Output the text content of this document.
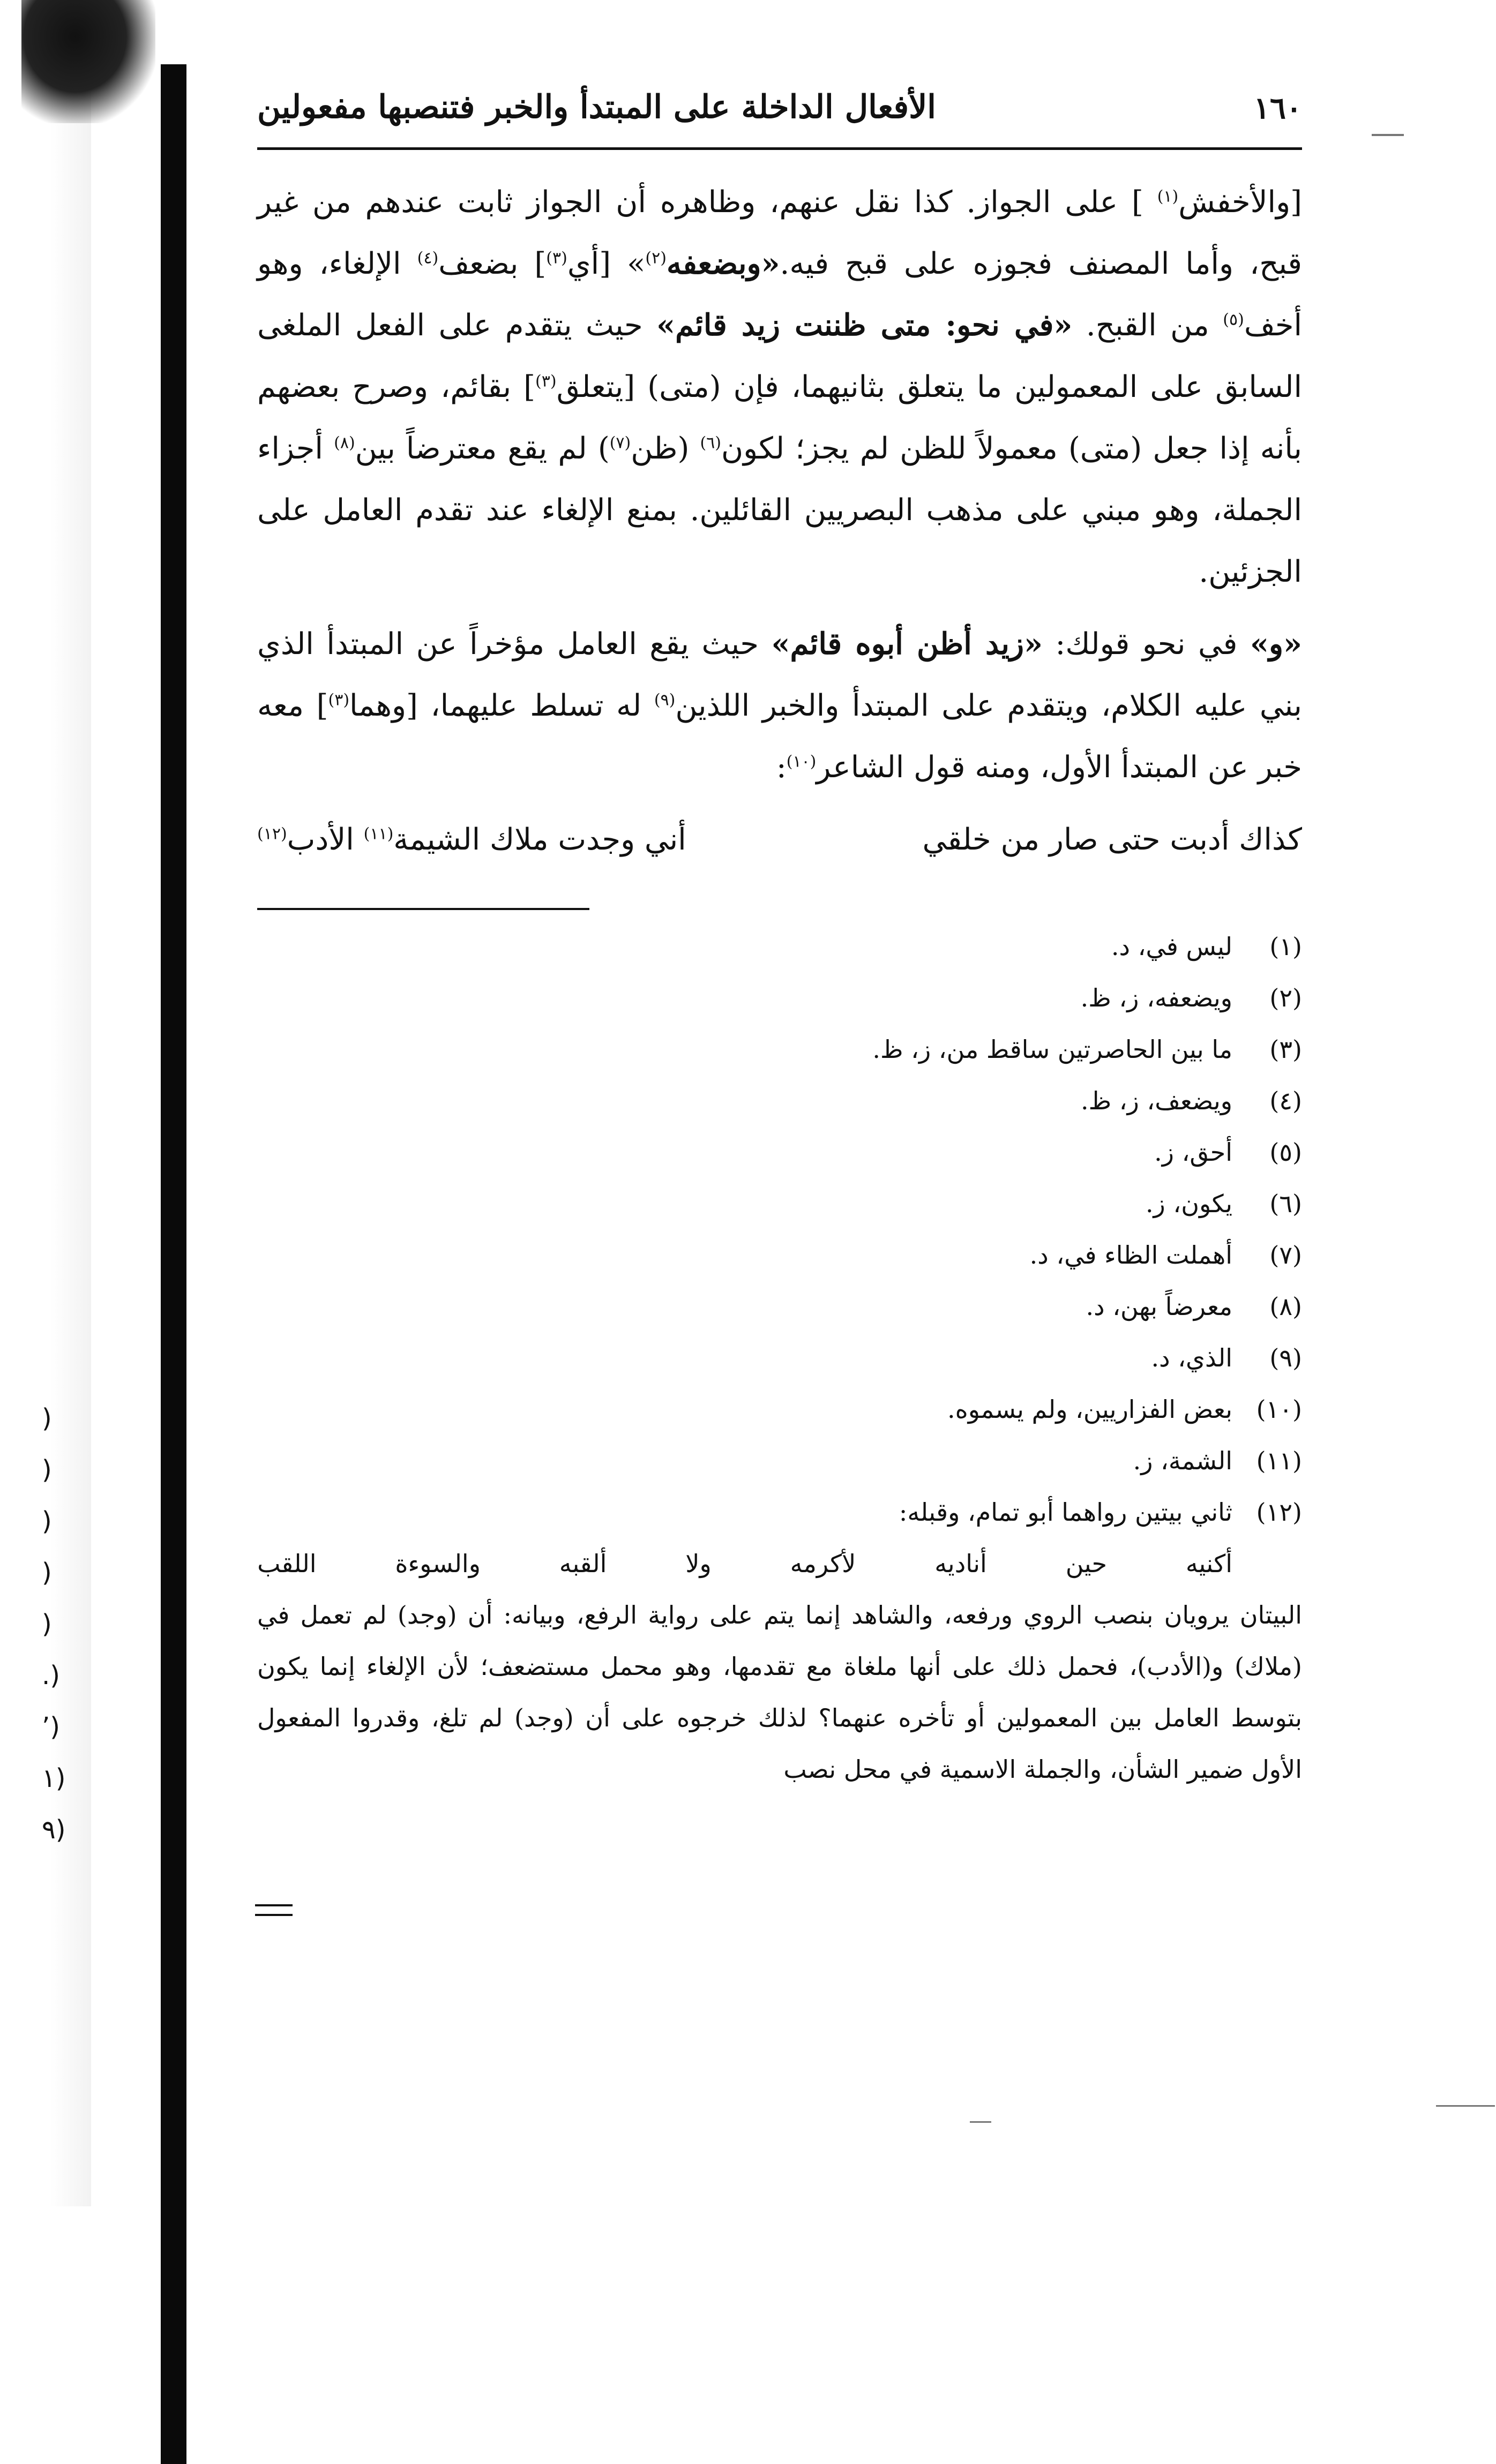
)
)
)
)
)
.)
ʼ)
١)
٩)
١٦٠
الأفعال الداخلة على المبتدأ والخبر فتنصبها مفعولين

[والأخفش$^{(١)}$ ] على الجواز. كذا نقل عنهم، وظاهره أن الجواز ثابت عندهم من غير قبح، وأما المصنف فجوزه على قبح فيه.«وبضعفه$^{(٢)}$» [أي$^{(٣)}$] بضعف$^{(٤)}$ الإلغاء، وهو أخف$^{(٥)}$ من القبح. «في نحو: متى ظننت زيد قائم» حيث يتقدم على الفعل الملغى السابق على المعمولين ما يتعلق بثانيهما، فإن (متى) [يتعلق$^{(٣)}$] بقائم، وصرح بعضهم بأنه إذا جعل (متى) معمولاً للظن لم يجز؛ لكون$^{(٦)}$ (ظن$^{(٧)}$) لم يقع معترضاً بين$^{(٨)}$ أجزاء الجملة، وهو مبني على مذهب البصريين القائلين. بمنع الإلغاء عند تقدم العامل على الجزئين.

«و» في نحو قولك: «زيد أظن أبوه قائم» حيث يقع العامل مؤخراً عن المبتدأ الذي بني عليه الكلام، ويتقدم على المبتدأ والخبر اللذين$^{(٩)}$ له تسلط عليهما، [وهما$^{(٣)}$] معه خبر عن المبتدأ الأول، ومنه قول الشاعر$^{(١٠)}$:

كذاك أدبت حتى صار من خلقي
أني وجدت ملاك الشيمة$^{(١١)}$ الأدب$^{(١٢)}$
(١)
ليس في، د.
(٢)
ويضعفه، ز، ظ.
(٣)
ما بين الحاصرتين ساقط من، ز، ظ.
(٤)
ويضعف، ز، ظ.
(٥)
أحق، ز.
(٦)
يكون، ز.
(٧)
أهملت الظاء في، د.
(٨)
معرضاً بهن، د.
(٩)
الذي، د.
(١٠)
بعض الفزاريين، ولم يسموه.
(١١)
الشمة، ز.
(١٢)
ثاني بيتين رواهما أبو تمام، وقبله:
أكنيه
حين
أناديه
لأكرمه
ولا
ألقبه
والسوءة
اللقب
البيتان يرويان بنصب الروي ورفعه، والشاهد إنما يتم على رواية الرفع، وبيانه: أن (وجد) لم تعمل في (ملاك) و(الأدب)، فحمل ذلك على أنها ملغاة مع تقدمها، وهو محمل مستضعف؛ لأن الإلغاء إنما يكون بتوسط العامل بين المعمولين أو تأخره عنهما؟ لذلك خرجوه على أن (وجد) لم تلغ، وقدروا المفعول الأول ضمير الشأن، والجملة الاسمية في محل نصب
